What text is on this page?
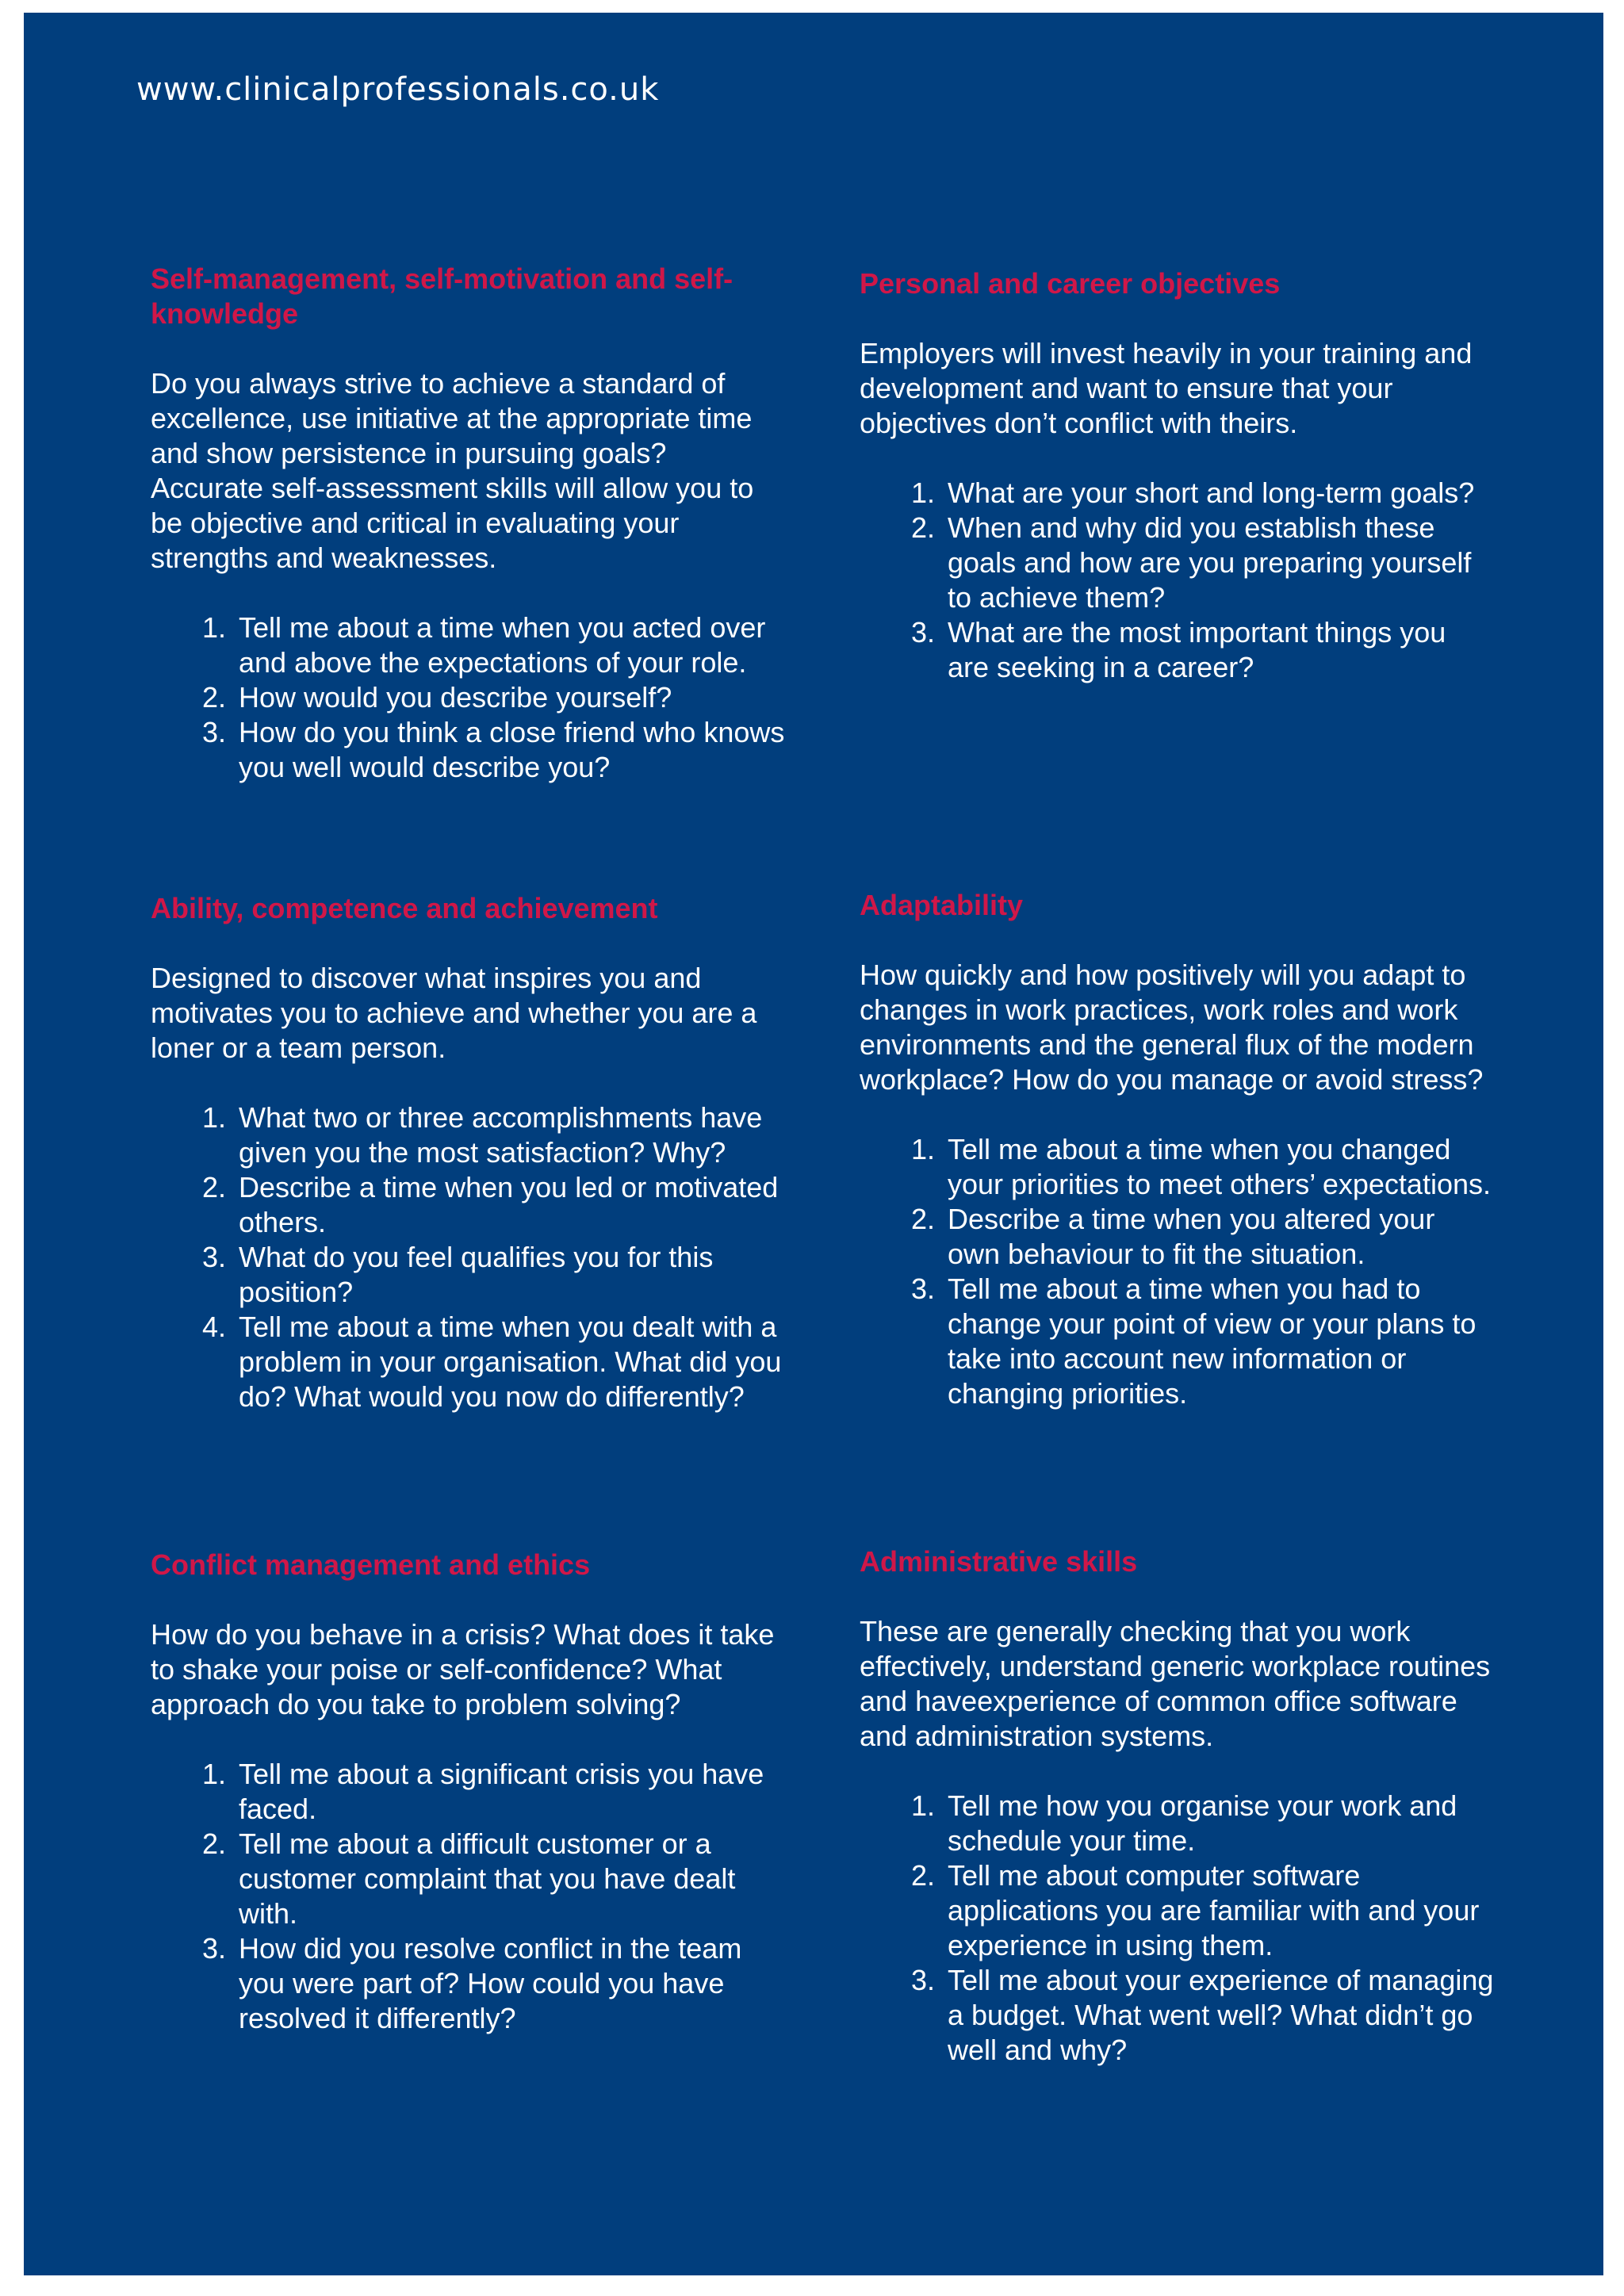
www.clinicalprofessionals.co.uk

Self-management, self-motivation and self-knowledge

Do you always strive to achieve a standard of excellence, use initiative at the appropriate time and show persistence in pursuing goals? Accurate self-assessment skills will allow you to be objective and critical in evaluating your strengths and weaknesses.

1. Tell me about a time when you acted over and above the expectations of your role.
2. How would you describe yourself?
3. How do you think a close friend who knows you well would describe you?
Personal and career objectives

Employers will invest heavily in your training and development and want to ensure that your objectives don’t conflict with theirs.

1. What are your short and long-term goals?
2. When and why did you establish these goals and how are you preparing yourself to achieve them?
3. What are the most important things you are seeking in a career?
Ability, competence and achievement

Designed to discover what inspires you and motivates you to achieve and whether you are a loner or a team person.

1. What two or three accomplishments have given you the most satisfaction? Why?
2. Describe a time when you led or motivated others.
3. What do you feel qualifies you for this position?
4. Tell me about a time when you dealt with a problem in your organisation. What did you do? What would you now do differently?
Adaptability

How quickly and how positively will you adapt to changes in work practices, work roles and work environments and the general flux of the modern workplace? How do you manage or avoid stress?

1. Tell me about a time when you changed your priorities to meet others’ expectations.
2. Describe a time when you altered your own behaviour to fit the situation.
3. Tell me about a time when you had to change your point of view or your plans to take into account new information or changing priorities.
Conflict management and ethics

How do you behave in a crisis? What does it take to shake your poise or self-confidence? What approach do you take to problem solving?

1. Tell me about a significant crisis you have faced.
2. Tell me about a difficult customer or a customer complaint that you have dealt with.
3. How did you resolve conflict in the team you were part of? How could you have resolved it differently?
Administrative skills

These are generally checking that you work effectively, understand generic workplace routines and haveexperience of common office software and administration systems.

1. Tell me how you organise your work and schedule your time.
2. Tell me about computer software applications you are familiar with and your experience in using them.
3. Tell me about your experience of managing a budget. What went well? What didn’t go well and why?
